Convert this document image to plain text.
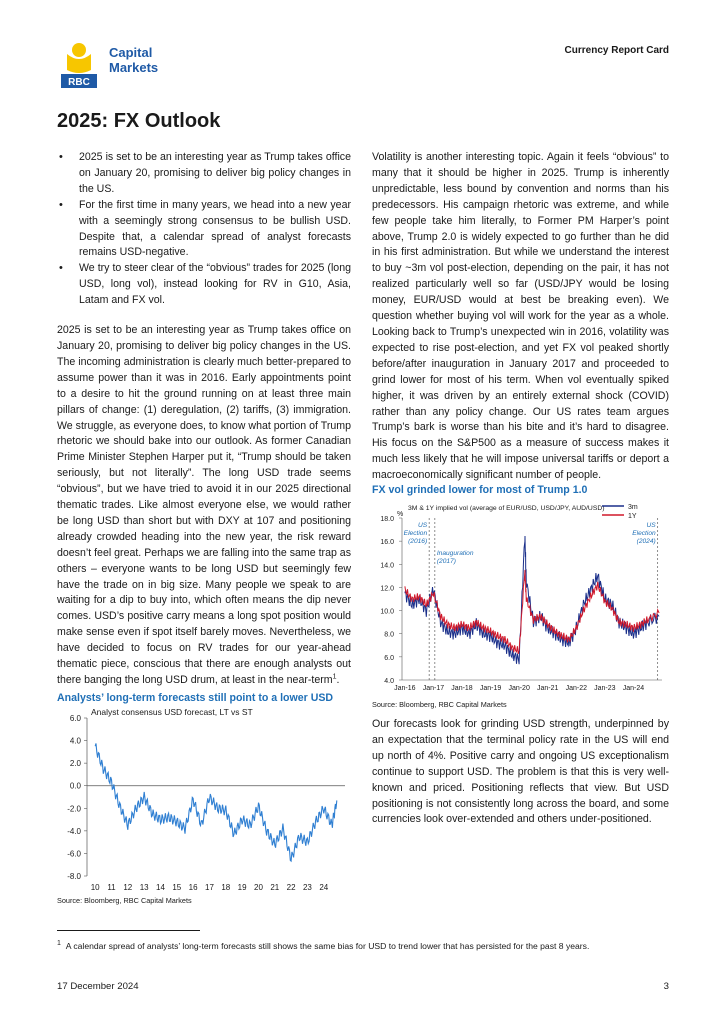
RBC
Capital
Markets
Currency Report Card
2025: FX Outlook
• 2025 is set to be an interesting year as Trump takes office on January 20, promising to deliver big policy changes in the US.
• For the first time in many years, we head into a new year with a seemingly strong consensus to be bullish USD. Despite that, a calendar spread of analyst forecasts remains USD-negative.
• We try to steer clear of the “obvious” trades for 2025 (long USD, long vol), instead looking for RV in G10, Asia, Latam and FX vol.

2025 is set to be an interesting year as Trump takes office on January 20, promising to deliver big policy changes in the US. The incoming administration is clearly much better-prepared to assume power than it was in 2016. Early appointments point to a desire to hit the ground running on at least three main pillars of change: (1) deregulation, (2) tariffs, (3) immigration. We struggle, as everyone does, to know what portion of Trump rhetoric we should bake into our outlook. As former Canadian Prime Minister Stephen Harper put it, “Trump should be taken seriously, but not literally”. The long USD trade seems “obvious”, but we have tried to avoid it in our 2025 directional thematic trades. Like almost everyone else, we would rather be long USD than short but with DXY at 107 and positioning already crowded heading into the new year, the risk reward doesn’t feel great. Perhaps we are falling into the same trap as others – everyone wants to be long USD but seemingly few have the trade on in big size. Many people we speak to are waiting for a dip to buy into, which often means the dip never comes. USD’s positive carry means a long spot position would make sense even if spot itself barely moves. Nevertheless, we have decided to focus on RV trades for our year-ahead thematic piece, conscious that there are enough analysts out there banging the long USD drum, at least in the near-term$^1$.

Analysts’ long-term forecasts still point to a lower USD
Analyst consensus USD forecast, LT vs ST
-8.0
-6.0
-4.0
-2.0
0.0
2.0
4.0
6.0
10 11 12 13 14 15 16 17 18 19 20 21 22 23 24
Source: Bloomberg, RBC Capital Markets

Volatility is another interesting topic. Again it feels “obvious” to many that it should be higher in 2025. Trump is inherently unpredictable, less bound by convention and norms than his predecessors. His campaign rhetoric was extreme, and while few people take him literally, to Former PM Harper’s point above, Trump 2.0 is widely expected to go further than he did in his first administration. But while we understand the interest to buy ~3m vol post-election, depending on the pair, it has not realized particularly well so far (USD/JPY would be losing money, EUR/USD would at best be breaking even). We question whether buying vol will work for the year as a whole. Looking back to Trump’s unexpected win in 2016, volatility was expected to rise post-election, and yet FX vol peaked shortly before/after inauguration in January 2017 and proceeded to grind lower for most of his term. When vol eventually spiked higher, it was driven by an entirely external shock (COVID) rather than any policy change. Our US rates team argues Trump’s bark is worse than his bite and it’s hard to disagree. His focus on the S&P500 as a measure of success makes it much less likely that he will impose universal tariffs or deport a macroeconomically significant number of people.

FX vol grinded lower for most of Trump 1.0
3M & 1Y implied vol (average of EUR/USD, USD/JPY, AUD/USD)
%
4.0
6.0
8.0
10.0
12.0
14.0
16.0
18.0
Jan-16 Jan-17 Jan-18 Jan-19 Jan-20 Jan-21 Jan-22 Jan-23 Jan-24
US
Election
(2016)
Inauguration
(2017)
US
Election
(2024)
3m
1Y
Source: Bloomberg, RBC Capital Markets

Our forecasts look for grinding USD strength, underpinned by an expectation that the terminal policy rate in the US will end up north of 4%. Positive carry and ongoing US exceptionalism continue to support USD. The problem is that this is very well-known and priced. Positioning reflects that view. But USD positioning is not consistently long across the board, and some currencies look over-extended and others under-positioned.

$^1$ A calendar spread of analysts’ long-term forecasts still shows the same bias for USD to trend lower that has persisted for the past 8 years.
17 December 2024	3
